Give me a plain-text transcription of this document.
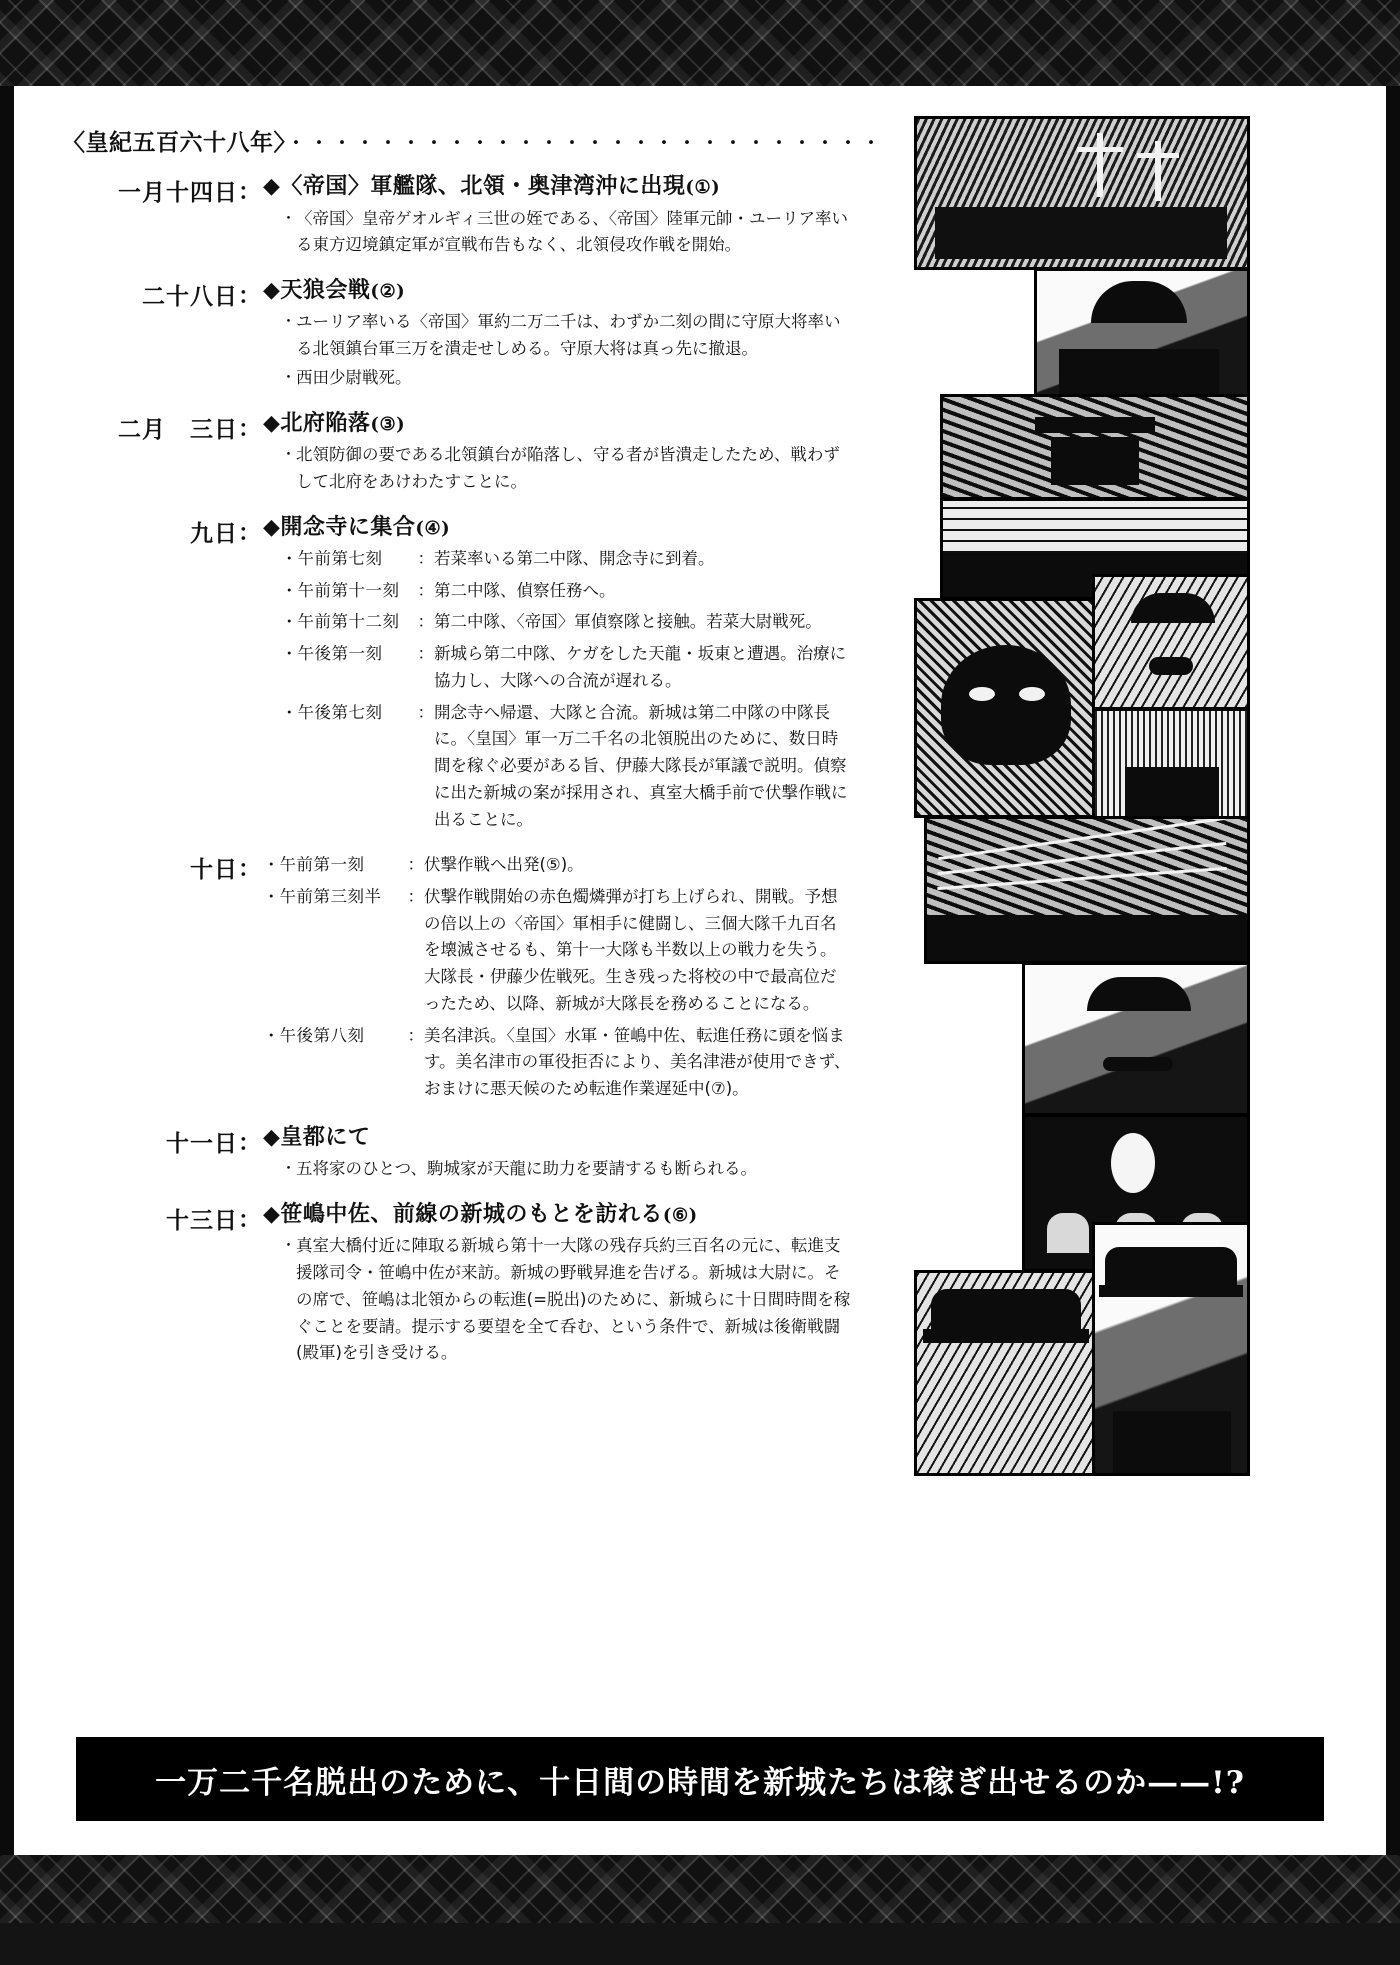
〈皇紀五百六十八年〉・・・・・・・・・・・・・・・・・・・・・・・・・・
一月十四日 ： ◆〈帝国〉軍艦隊、北領・奥津湾沖に出現(①)
・ 〈帝国〉皇帝ゲオルギィ三世の姪である、〈帝国〉陸軍元帥・ユーリア率いる東方辺境鎮定軍が宣戦布告もなく、北領侵攻作戦を開始。
二十八日 ： ◆天狼会戦(②)
・ ユーリア率いる〈帝国〉軍約二万二千は、わずか二刻の間に守原大将率いる北領鎮台軍三万を潰走せしめる。守原大将は真っ先に撤退。
・ 西田少尉戦死。
二月　三日 ： ◆北府陥落(③)
・ 北領防御の要である北領鎮台が陥落し、守る者が皆潰走したため、戦わずして北府をあけわたすことに。
九日 ： ◆開念寺に集合(④)
・ 午前第七刻	： 若菜率いる第二中隊、開念寺に到着。
・ 午前第十一刻	： 第二中隊、偵察任務へ。
・ 午前第十二刻	： 第二中隊、〈帝国〉軍偵察隊と接触。若菜大尉戦死。
・ 午後第一刻	： 新城ら第二中隊、ケガをした天龍・坂東と遭遇。治療に協力し、大隊への合流が遅れる。
・ 午後第七刻	： 開念寺へ帰還、大隊と合流。新城は第二中隊の中隊長に。〈皇国〉軍一万二千名の北領脱出のために、数日時間を稼ぐ必要がある旨、伊藤大隊長が軍議で説明。偵察に出た新城の案が採用され、真室大橋手前で伏撃作戦に出ることに。
十日 ： ・ 午前第一刻	： 伏撃作戦へ出発(⑤)。
・ 午前第三刻半	： 伏撃作戦開始の赤色燭燐弾が打ち上げられ、開戦。予想の倍以上の〈帝国〉軍相手に健闘し、三個大隊千九百名を壊滅させるも、第十一大隊も半数以上の戦力を失う。大隊長・伊藤少佐戦死。生き残った将校の中で最高位だったため、以降、新城が大隊長を務めることになる。
・ 午後第八刻	： 美名津浜。〈皇国〉水軍・笹嶋中佐、転進任務に頭を悩ます。美名津市の軍役拒否により、美名津港が使用できず、おまけに悪天候のため転進作業遅延中(⑦)。
十一日 ： ◆皇都にて
・ 五将家のひとつ、駒城家が天龍に助力を要請するも断られる。
十三日 ： ◆笹嶋中佐、前線の新城のもとを訪れる(⑥)
・ 真室大橋付近に陣取る新城ら第十一大隊の残存兵約三百名の元に、転進支援隊司令・笹嶋中佐が来訪。新城の野戦昇進を告げる。新城は大尉に。その席で、笹嶋は北領からの転進(=脱出)のために、新城らに十日間時間を稼ぐことを要請。提示する要望を全て呑む、という条件で、新城は後衛戦闘(殿軍)を引き受ける。
一万二千名脱出のために、十日間の時間を新城たちは稼ぎ出せるのか——!?
